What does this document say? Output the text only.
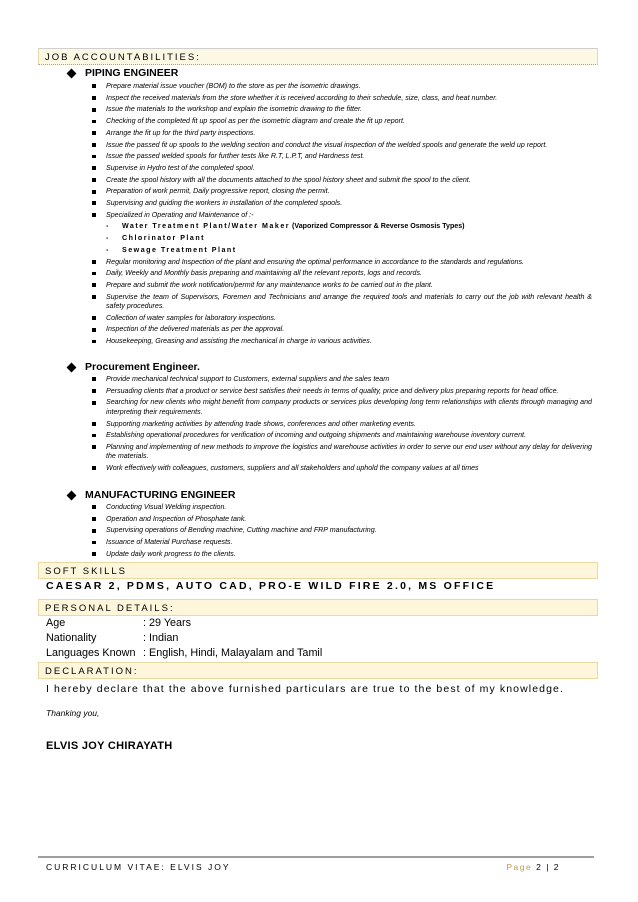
JOB ACCOUNTABILITIES:
PIPING ENGINEER
Prepare material issue voucher (BOM) to the store as per the isometric drawings.
Inspect the received materials from the store whether it is received according to their schedule, size, class, and heat number.
Issue the materials to the workshop and explain the isometric drawing to the fitter.
Checking of the completed fit up spool as per the isometric diagram and create the fit up report.
Arrange the fit up for the third party inspections.
Issue the passed fit up spools to the welding section and conduct the visual inspection of the welded spools and generate the weld up report.
Issue the passed welded spools for further tests like R.T, L.P.T, and Hardness test.
Supervise in Hydro test of the completed spool.
Create the spool history with all the documents attached to the spool history sheet and submit the spool to the client.
Preparation of work permit, Daily progressive report, closing the permit.
Supervising and guiding the workers in installation of the completed spools.
Specialized in Operating and Maintenance of :-
- Water Treatment Plant/Water Maker (Vaporized Compressor & Reverse Osmosis Types)
- Chlorinator Plant
- Sewage Treatment Plant
Regular monitoring and Inspection of the plant and ensuring the optimal performance in accordance to the standards and regulations.
Daily, Weekly and Monthly basis preparing and maintaining all the relevant reports, logs and records.
Prepare and submit the work notification/permit for any maintenance works to be carried out in the plant.
Supervise the team of Supervisors, Foremen and Technicians and arrange the required tools and materials to carry out the job with relevant health & safety procedures.
Collection of water samples for laboratory inspections.
Inspection of the delivered materials as per the approval.
Housekeeping, Greasing and assisting the mechanical in charge in various activities.
Procurement Engineer.
Provide mechanical technical support to Customers, external suppliers and the sales team
Persuading clients that a product or service best satisfies their needs in terms of quality, price and delivery plus preparing reports for head office.
Searching for new clients who might benefit from company products or services plus developing long term relationships with clients through managing and interpreting their requirements.
Supporting marketing activities by attending trade shows, conferences and other marketing events.
Establishing operational procedures for verification of incoming and outgoing shipments and maintaining warehouse inventory current.
Planning and implementing of new methods to improve the logistics and warehouse activities in order to serve our end user without any delay for delivering the materials.
Work effectively with colleagues, customers, suppliers and all stakeholders and uphold the company values at all times
MANUFACTURING ENGINEER
Conducting Visual Welding inspection.
Operation and Inspection of Phosphate tank.
Supervising operations of Bending machine, Cutting machine and FRP manufacturing.
Issuance of Material Purchase requests.
Update daily work progress to the clients.
SOFT SKILLS
CAESAR 2, PDMS, AUTO CAD, PRO-E WILD FIRE 2.0, MS OFFICE
PERSONAL DETAILS:
Age	: 29 Years
Nationality	: Indian
Languages Known : English, Hindi, Malayalam and Tamil
DECLARATION:
I hereby declare that the above furnished particulars are true to the best of my knowledge.
Thanking you,
ELVIS JOY CHIRAYATH
CURRICULUM VITAE: ELVIS JOY	Page 2 | 2
